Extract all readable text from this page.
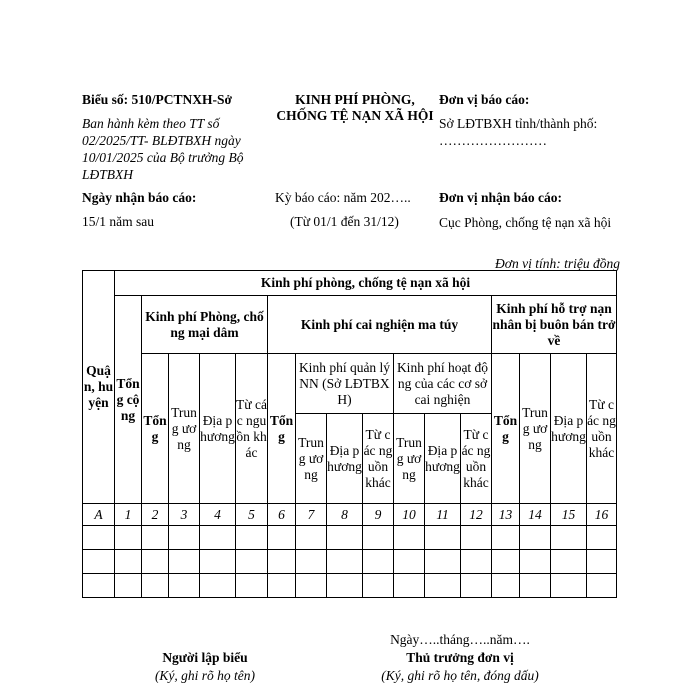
Biểu số: 510/PCTNXH-Sở
Ban hành kèm theo TT số 02/2025/TT- BLĐTBXH ngày 10/01/2025 của Bộ trưởng Bộ LĐTBXH
KINH PHÍ PHÒNG,
CHỐNG TỆ NẠN XÃ HỘI
Đơn vị báo cáo:
Sở LĐTBXH tỉnh/thành phố: ……………………
Ngày nhận báo cáo:
15/1 năm sau
Kỳ báo cáo: năm 202…..
(Từ 01/1 đến 31/12)
Đơn vị nhận báo cáo:
Cục Phòng, chống tệ nạn xã hội
Đơn vị tính: triệu đồng
Quận, huyện	Kinh phí phòng, chống tệ nạn xã hội															
	Tổng cộng	Kinh phí Phòng, chống mại dâm				Kinh phí cai nghiện ma túy							Kinh phí hỗ trợ nạn nhân bị buôn bán trở về			

		Tổng	Trung ương	Địa phương	Từ các nguồn khác	Tổng	Kinh phí quản lý NN (Sở LĐTBXH)			Kinh phí hoạt động của các cơ sở cai nghiện			Tổng	Trung ương	Địa phương	Từ các nguồn khác
							Trung ương	Địa phương	Từ các nguồn khác	Trung ương	Địa phương	Từ các nguồn khác				
A	1	2	3	4	5	6	7	8	9	10	11	12	13	14	15	16

Ngày…..tháng…..năm….
Người lập biểu
(Ký, ghi rõ họ tên)
Thủ trưởng đơn vị
(Ký, ghi rõ họ tên, đóng dấu)
